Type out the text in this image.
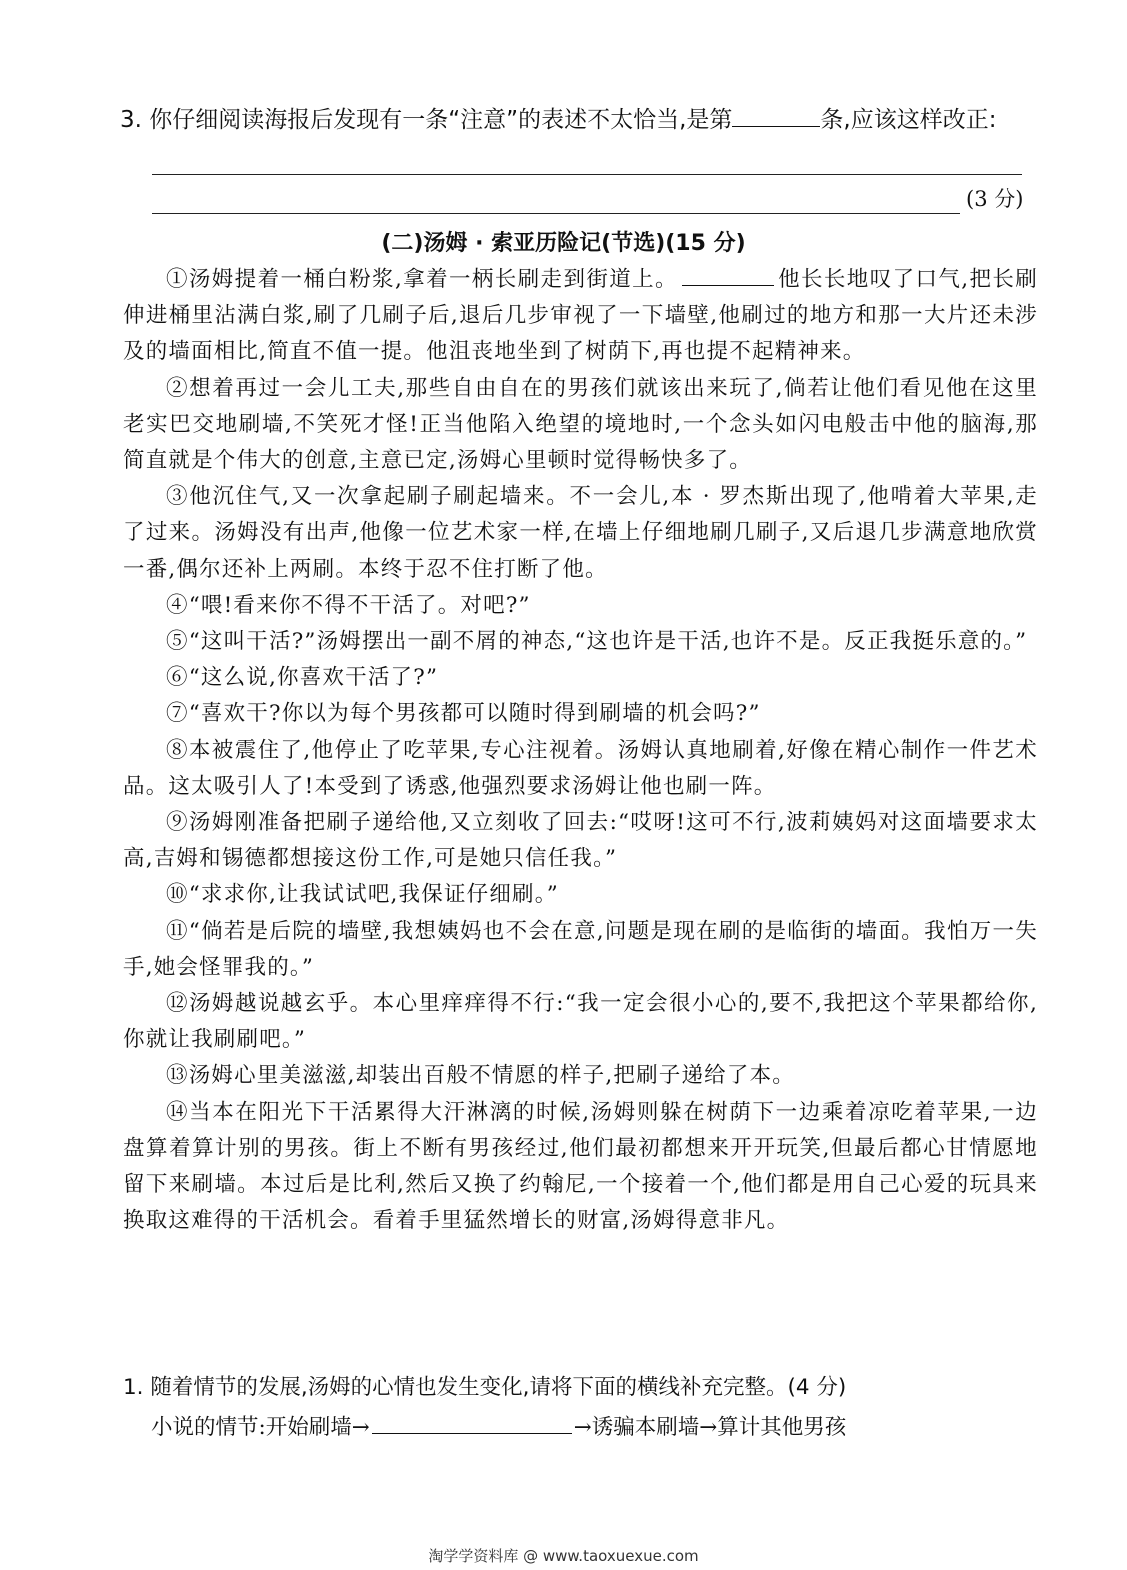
3. 你仔细阅读海报后发现有一条“注意”的表述不太恰当,是第	条,应该这样改正:
(3 分)
(二)汤姆 · 索亚历险记(节选)(15 分)

①汤姆提着一桶白粉浆,拿着一柄长刷走到街道上。	他长长地叹了口气,把长刷伸进桶里沾满白浆,刷了几刷子后,退后几步审视了一下墙壁,他刷过的地方和那一大片还未涉及的墙面相比,简直不值一提。他沮丧地坐到了树荫下,再也提不起精神来。

②想着再过一会儿工夫,那些自由自在的男孩们就该出来玩了,倘若让他们看见他在这里老实巴交地刷墙,不笑死才怪!正当他陷入绝望的境地时,一个念头如闪电般击中他的脑海,那简直就是个伟大的创意,主意已定,汤姆心里顿时觉得畅快多了。

③他沉住气,又一次拿起刷子刷起墙来。不一会儿,本 · 罗杰斯出现了,他啃着大苹果,走了过来。汤姆没有出声,他像一位艺术家一样,在墙上仔细地刷几刷子,又后退几步满意地欣赏一番,偶尔还补上两刷。本终于忍不住打断了他。

④“喂!看来你不得不干活了。对吧?”

⑤“这叫干活?”汤姆摆出一副不屑的神态,“这也许是干活,也许不是。反正我挺乐意的。”

⑥“这么说,你喜欢干活了?”

⑦“喜欢干?你以为每个男孩都可以随时得到刷墙的机会吗?”

⑧本被震住了,他停止了吃苹果,专心注视着。汤姆认真地刷着,好像在精心制作一件艺术品。这太吸引人了!本受到了诱惑,他强烈要求汤姆让他也刷一阵。

⑨汤姆刚准备把刷子递给他,又立刻收了回去:“哎呀!这可不行,波莉姨妈对这面墙要求太高,吉姆和锡德都想接这份工作,可是她只信任我。”

⑩“求求你,让我试试吧,我保证仔细刷。”

⑪“倘若是后院的墙壁,我想姨妈也不会在意,问题是现在刷的是临街的墙面。我怕万一失手,她会怪罪我的。”

⑫汤姆越说越玄乎。本心里痒痒得不行:“我一定会很小心的,要不,我把这个苹果都给你,你就让我刷刷吧。”

⑬汤姆心里美滋滋,却装出百般不情愿的样子,把刷子递给了本。

⑭当本在阳光下干活累得大汗淋漓的时候,汤姆则躲在树荫下一边乘着凉吃着苹果,一边盘算着算计别的男孩。街上不断有男孩经过,他们最初都想来开开玩笑,但最后都心甘情愿地留下来刷墙。本过后是比利,然后又换了约翰尼,一个接着一个,他们都是用自己心爱的玩具来换取这难得的干活机会。看着手里猛然增长的财富,汤姆得意非凡。

1. 随着情节的发展,汤姆的心情也发生变化,请将下面的横线补充完整。(4 分)
小说的情节:开始刷墙→	→诱骗本刷墙→算计其他男孩
淘学学资料库 @ www.taoxuexue.com
